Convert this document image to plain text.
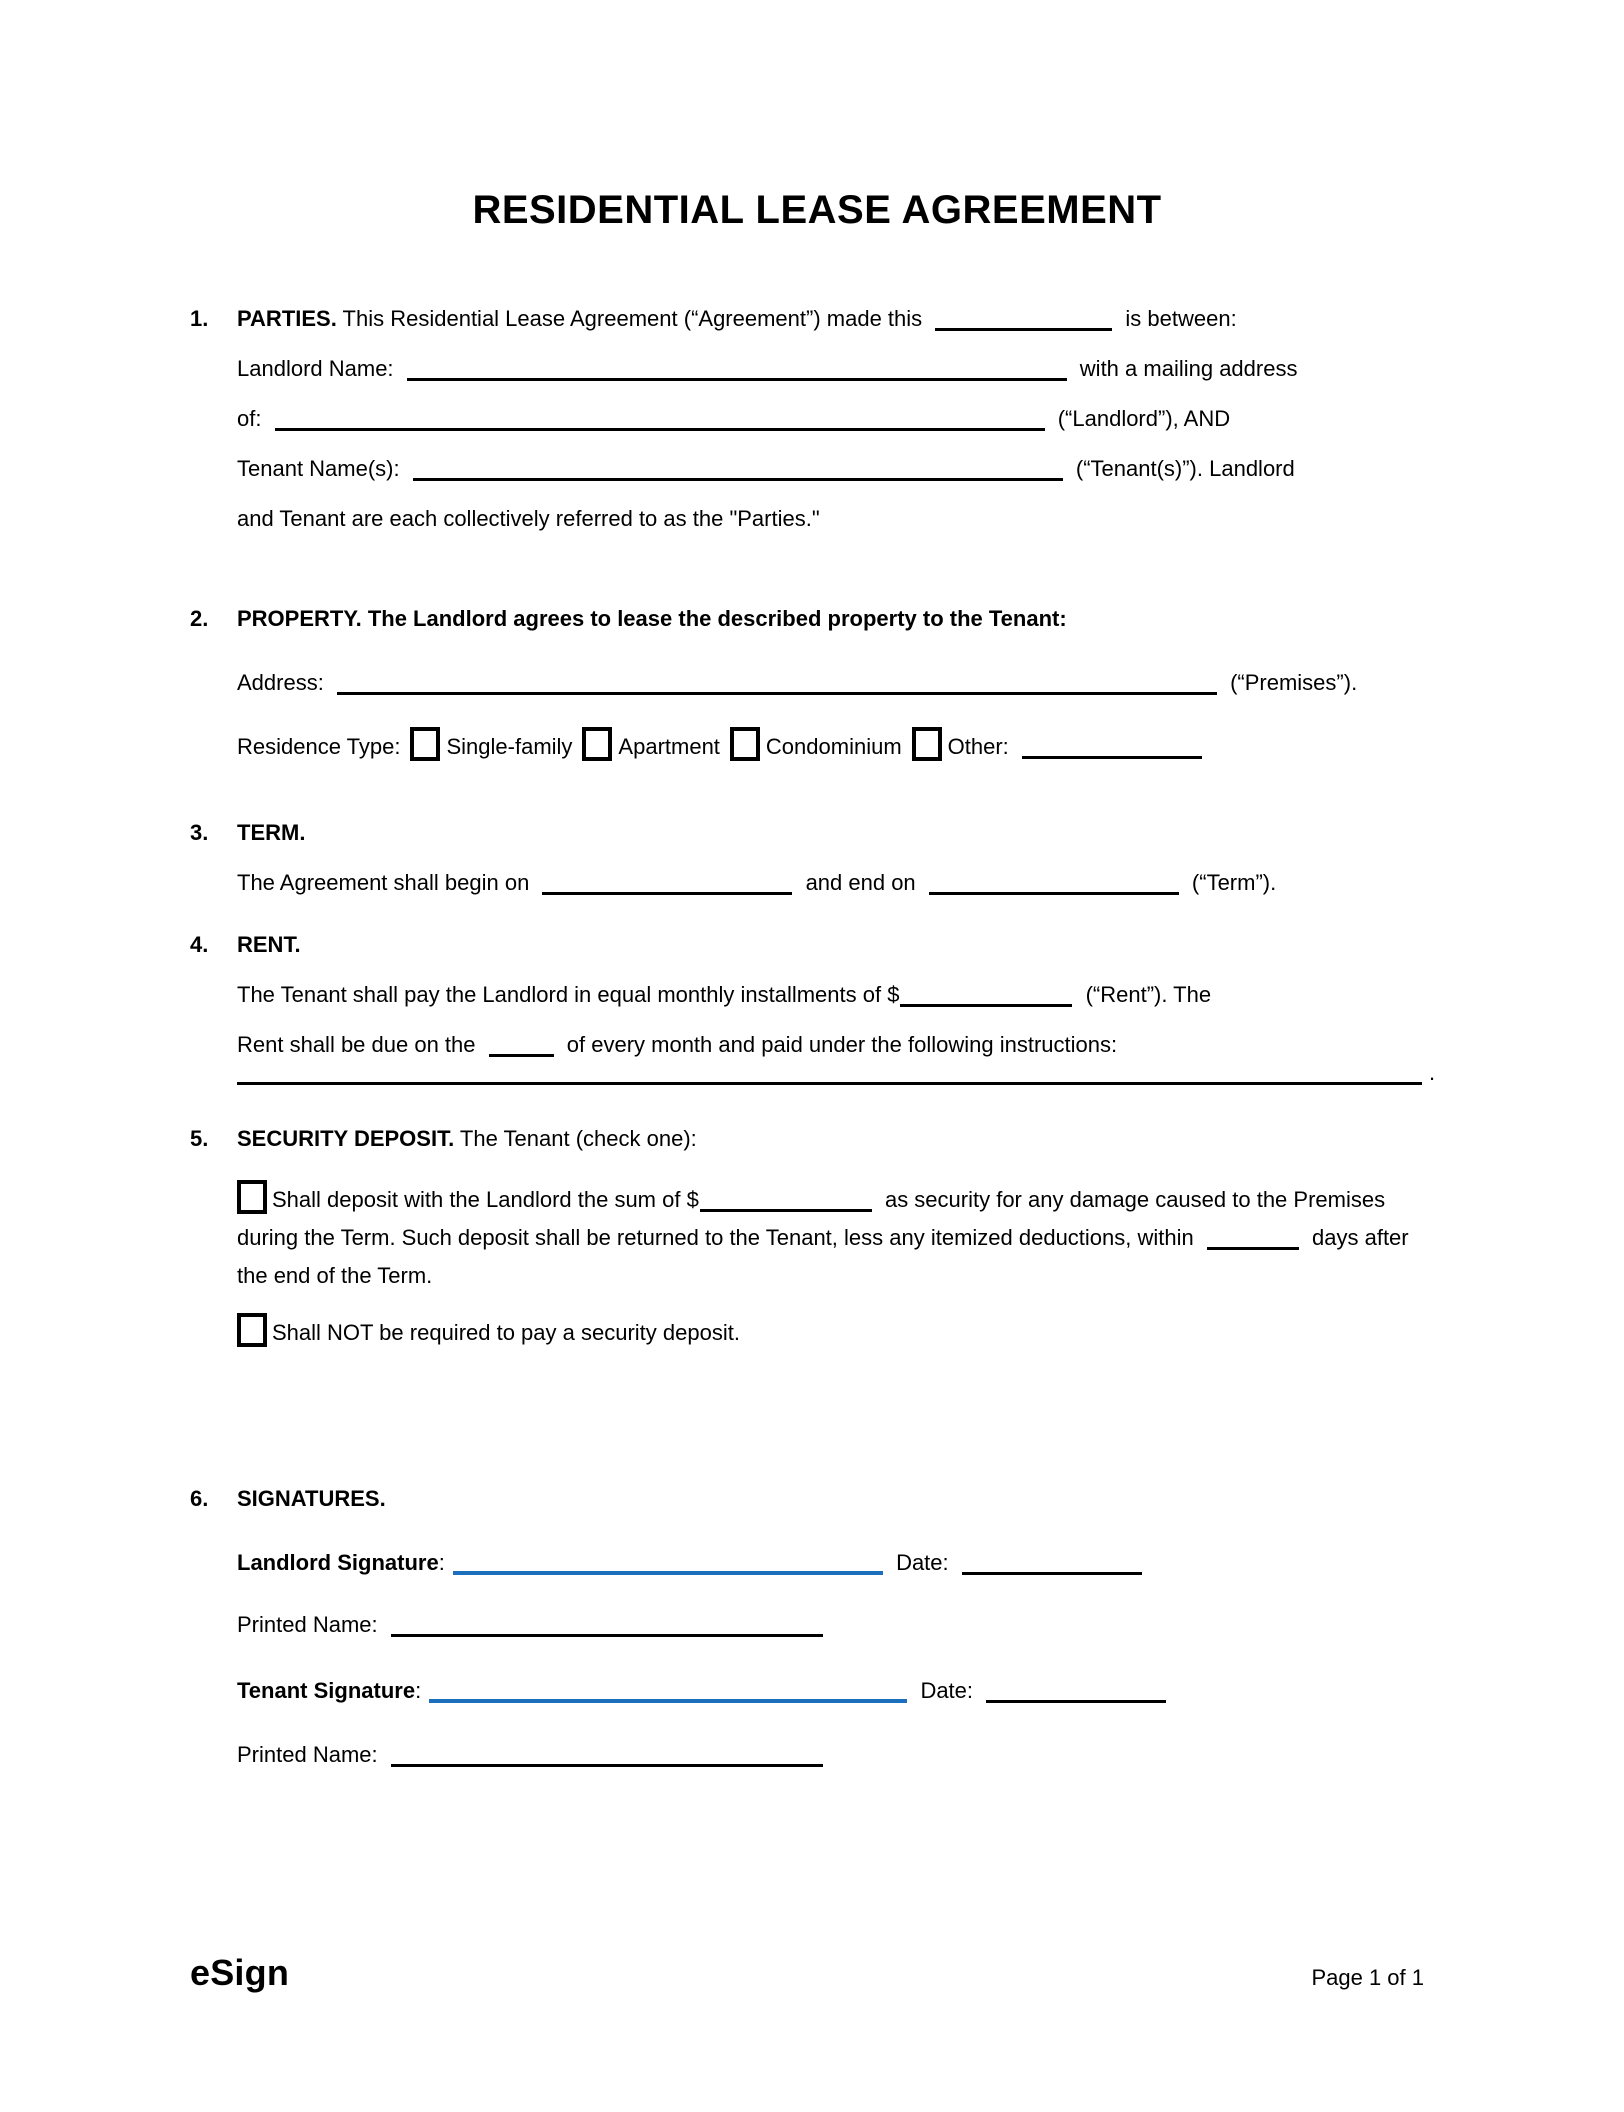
RESIDENTIAL LEASE AGREEMENT
1. PARTIES. This Residential Lease Agreement (“Agreement”) made this	is between:
Landlord Name:	with a mailing address
of:	(“Landlord”), AND
Tenant Name(s):	(“Tenant(s)”). Landlord
and Tenant are each collectively referred to as the "Parties."
2. PROPERTY. The Landlord agrees to lease the described property to the Tenant:
Address:	(“Premises”).
Residence Type: Single-family Apartment Condominium Other:
3. TERM.
The Agreement shall begin on	and end on	(“Term”).
4. RENT.
The Tenant shall pay the Landlord in equal monthly installments of $	(“Rent”). The
Rent shall be due on the	of every month and paid under the following instructions:
.
5. SECURITY DEPOSIT. The Tenant (check one):
Shall deposit with the Landlord the sum of $	as security for any damage caused to the Premises during the Term. Such deposit shall be returned to the Tenant, less any itemized deductions, within	days after the end of the Term.
Shall NOT be required to pay a security deposit.
6. SIGNATURES.
Landlord Signature:	Date:
Printed Name:
Tenant Signature:	Date:
Printed Name:
eSign	Page 1 of 1
